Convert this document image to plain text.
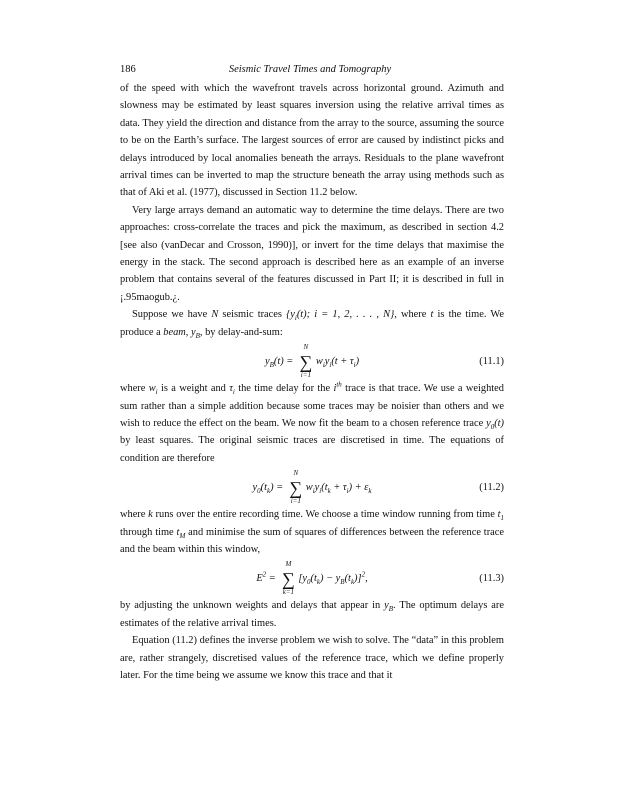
186	Seismic Travel Times and Tomography

of the speed with which the wavefront travels across horizontal ground. Azimuth and slowness may be estimated by least squares inversion using the relative arrival times as data. They yield the direction and distance from the array to the source, assuming the source to be on the Earth’s surface. The largest sources of error are caused by indistinct picks and delays introduced by local anomalies beneath the arrays. Residuals to the plane wavefront arrival times can be inverted to map the structure beneath the array using methods such as that of Aki et al. (1977), discussed in Section 11.2 below.

Very large arrays demand an automatic way to determine the time delays. There are two approaches: cross-correlate the traces and pick the maximum, as described in section 4.2 [see also (vanDecar and Crosson, 1990)], or invert for the time delays that maximise the energy in the stack. The second approach is described here as an example of an inverse problem that contains several of the features discussed in Part II; it is described in full in ¡.95maogub.¿.

Suppose we have N seismic traces {$y_i(t)$; i = 1, 2, . . . , N}, where t is the time. We produce a beam, $y_B$, by delay-and-sum:

$y_B(t)$ =
N
∑
i=1
$w_iy_i(t + \tau_i)$	(11.1)

where $w_i$ is a weight and $\tau_i$ the time delay for the $i^{th}$ trace is that trace. We use a weighted sum rather than a simple addition because some traces may be noisier than others and we wish to reduce the effect on the beam. We now fit the beam to a chosen reference trace $y_0(t)$ by least squares. The original seismic traces are discretised in time. The equations of condition are therefore

$y_0(t_k)$ =
N
∑
i=1
$w_iy_i(t_k + \tau_i) + \varepsilon_k$	(11.2)

where k runs over the entire recording time. We choose a time window running from time $t_1$ through time $t_M$ and minimise the sum of squares of differences between the reference trace and the beam within this window,

$E^2$ =
M
∑
k=1
$[y_0(t_k) - y_B(t_k)]^2$,	(11.3)

by adjusting the unknown weights and delays that appear in $y_B$. The optimum delays are estimates of the relative arrival times.

Equation (11.2) defines the inverse problem we wish to solve. The “data” in this problem are, rather strangely, discretised values of the reference trace, which we define properly later. For the time being we assume we know this trace and that it
